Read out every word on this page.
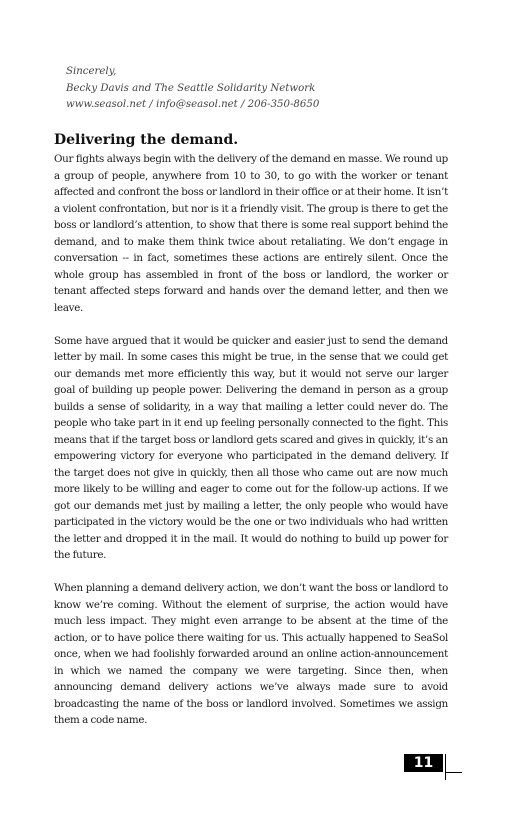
Sincerely,
Becky Davis and The Seattle Solidarity Network
www.seasol.net / info@seasol.net / 206-350-8650
Delivering the demand.

Our fights always begin with the delivery of the demand en masse. We round up a group of people, anywhere from 10 to 30, to go with the worker or tenant affected and confront the boss or landlord in their office or at their home. It isn’t a violent confrontation, but nor is it a friendly visit. The group is there to get the boss or landlord’s attention, to show that there is some real support behind the demand, and to make them think twice about retaliating. We don’t engage in conversation -- in fact, sometimes these actions are entirely silent. Once the whole group has assembled in front of the boss or landlord, the worker or tenant affected steps forward and hands over the demand letter, and then we leave.

Some have argued that it would be quicker and easier just to send the demand letter by mail. In some cases this might be true, in the sense that we could get our demands met more efficiently this way, but it would not serve our larger goal of building up people power. Delivering the demand in person as a group builds a sense of solidarity, in a way that mailing a letter could never do. The people who take part in it end up feeling personally connected to the fight. This means that if the target boss or landlord gets scared and gives in quickly, it’s an empowering victory for everyone who participated in the demand delivery. If the target does not give in quickly, then all those who came out are now much more likely to be willing and eager to come out for the follow-up actions. If we got our demands met just by mailing a letter, the only people who would have participated in the victory would be the one or two individuals who had written the letter and dropped it in the mail. It would do nothing to build up power for the future.

When planning a demand delivery action, we don’t want the boss or landlord to know we’re coming. Without the element of surprise, the action would have much less impact. They might even arrange to be absent at the time of the action, or to have police there waiting for us. This actually happened to SeaSol once, when we had foolishly forwarded around an online action-announcement in which we named the company we were targeting. Since then, when announcing demand delivery actions we’ve always made sure to avoid broadcasting the name of the boss or landlord involved. Sometimes we assign them a code name.

11
